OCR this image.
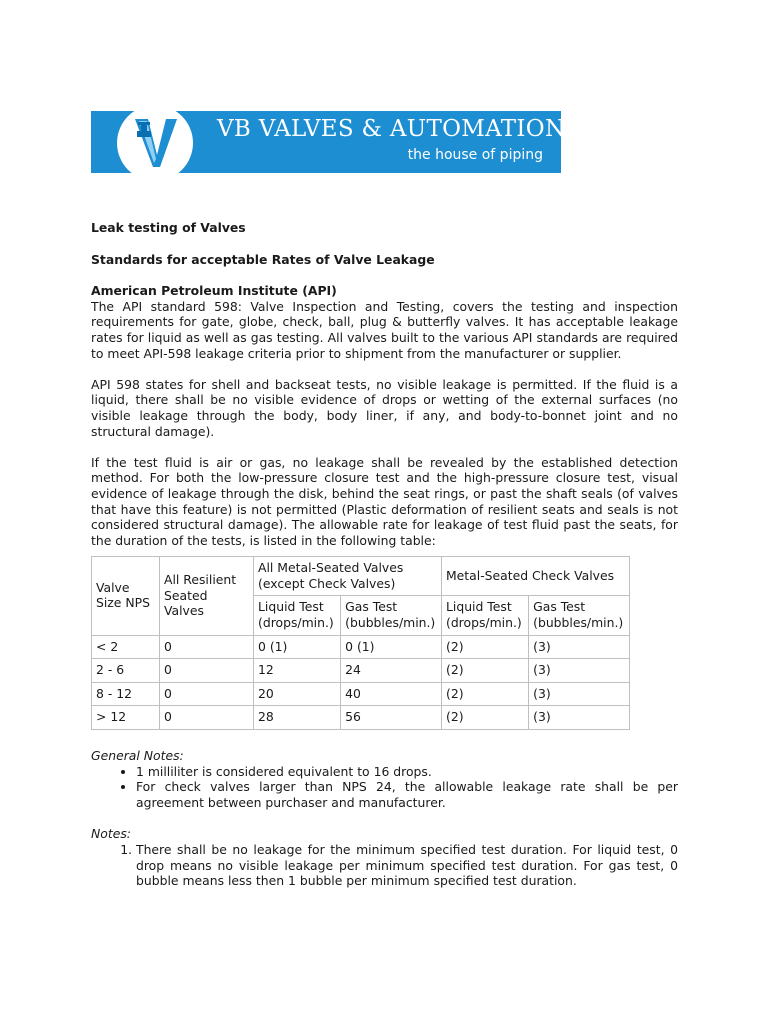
VB VALVES & AUTOMATION
the house of piping
Leak testing of Valves
Standards for acceptable Rates of Valve Leakage
American Petroleum Institute (API)

The API standard 598: Valve Inspection and Testing, covers the testing and inspection requirements for gate, globe, check, ball, plug & butterfly valves. It has acceptable leakage rates for liquid as well as gas testing. All valves built to the various API standards are required to meet API-598 leakage criteria prior to shipment from the manufacturer or supplier.

API 598 states for shell and backseat tests, no visible leakage is permitted. If the fluid is a liquid, there shall be no visible evidence of drops or wetting of the external surfaces (no visible leakage through the body, body liner, if any, and body-to-bonnet joint and no structural damage).

If the test fluid is air or gas, no leakage shall be revealed by the established detection method. For both the low-pressure closure test and the high-pressure closure test, visual evidence of leakage through the disk, behind the seat rings, or past the shaft seals (of valves that have this feature) is not permitted (Plastic deformation of resilient seats and seals is not considered structural damage). The allowable rate for leakage of test fluid past the seats, for the duration of the tests, is listed in the following table:

Valve Size NPS	All Resilient Seated Valves	All Metal-Seated Valves (except Check Valves)		Metal-Seated Check Valves	
		Liquid Test (drops/min.)	Gas Test (bubbles/min.)	Liquid Test (drops/min.)	Gas Test (bubbles/min.)
< 2	0	0 (1)	0 (1)	(2)	(3)
2 - 6	0	12	24	(2)	(3)
8 - 12	0	20	40	(2)	(3)
> 12	0	28	56	(2)	(3)
General Notes:
• 1 milliliter is considered equivalent to 16 drops.
• For check valves larger than NPS 24, the allowable leakage rate shall be per agreement between purchaser and manufacturer.
Notes:
1. There shall be no leakage for the minimum specified test duration. For liquid test, 0 drop means no visible leakage per minimum specified test duration. For gas test, 0 bubble means less then 1 bubble per minimum specified test duration.
